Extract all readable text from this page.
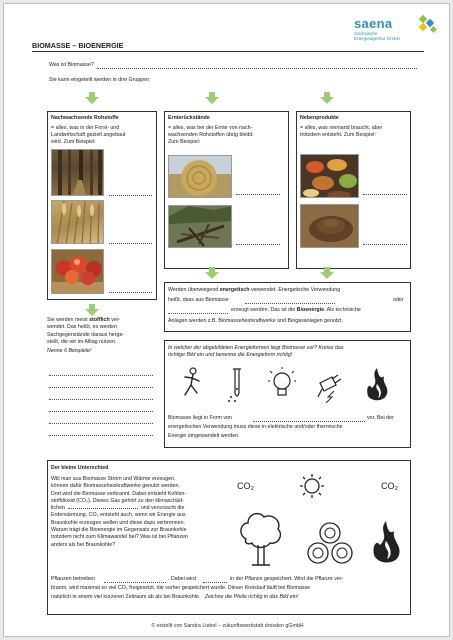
saena
Sächsische
Energieagentur GmbH
BIOMASSE – BIOENERGIE
Was ist Biomasse?
Sie kann eingeteilt werden in drei Gruppen:
Nachwachsende Rohstoffe
= alles, was in der Forst- und
Landwirtschaft gezielt angebaut
wird. Zum Beispiel:
Ernterückstände
= alles, was bei der Ernte von nach-
wachsenden Rohstoffen übrig bleibt.
Zum Beispiel:
Nebenprodukte
= alles, was niemand braucht, aber
trotzdem entsteht. Zum Beispiel:
Sie werden meist stofflich ver-
wendet. Das heißt, es werden
Sachgegenstände daraus herge-
stellt, die wir im Alltag nutzen.
Nenne 6 Beispiele!
Werden überwiegend energetisch verwendet. Energetische Verwendung
heißt, dass aus Biomasse	oder
erzeugt werden. Das ist die Bioenergie. Als technische
Anlagen werden z.B. Biomasseheizkraftwerke und Biogasanlagen genutzt.
In welcher der abgebildeten Energieformen liegt Biomasse vor? Kreise das
richtige Bild ein und benenne die Energieform richtig!
Biomasse liegt in Form von	vor. Bei der
energetischen Verwendung muss diese in elektrische und/oder thermische
Energie umgewandelt werden.
Der kleine Unterschied
Will man aus Biomasse Strom und Wärme erzeugen,
können dafür Biomasseheizkraftwerke genutzt werden.
Dort wird die Biomasse verbrannt. Dabei entsteht Kohlen-
stoffdioxid (CO₂). Dieses Gas gehört zu den klimaschäd-
lichen	und verursacht die
Erderwärmung. CO₂ entsteht auch, wenn wir Energie aus
Braunkohle erzeugen wollen und diese dazu verbrennen.
Warum trägt die Bioenergie im Gegensatz zur Braunkohle
trotzdem nicht zum Klimawandel bei? Was ist bei Pflanzen
anders als bei Braunkohle?
CO₂	CO₂
Pflanzen betreiben	. Dabei wird	in der Pflanze gespeichert. Wird die Pflanze ver-
brannt, wird maximal so viel CO₂ freigesetzt, die vorher gespeichert wurde. Dieser Kreislauf läuft bei Biomasse
natürlich in einem viel kürzeren Zeitraum ab als bei Braunkohle. Zeichne die Pfeile richtig in das Bild ein!
© erstellt von Sandra Liebel – zukunftswerkstatt dresden gGmbH
